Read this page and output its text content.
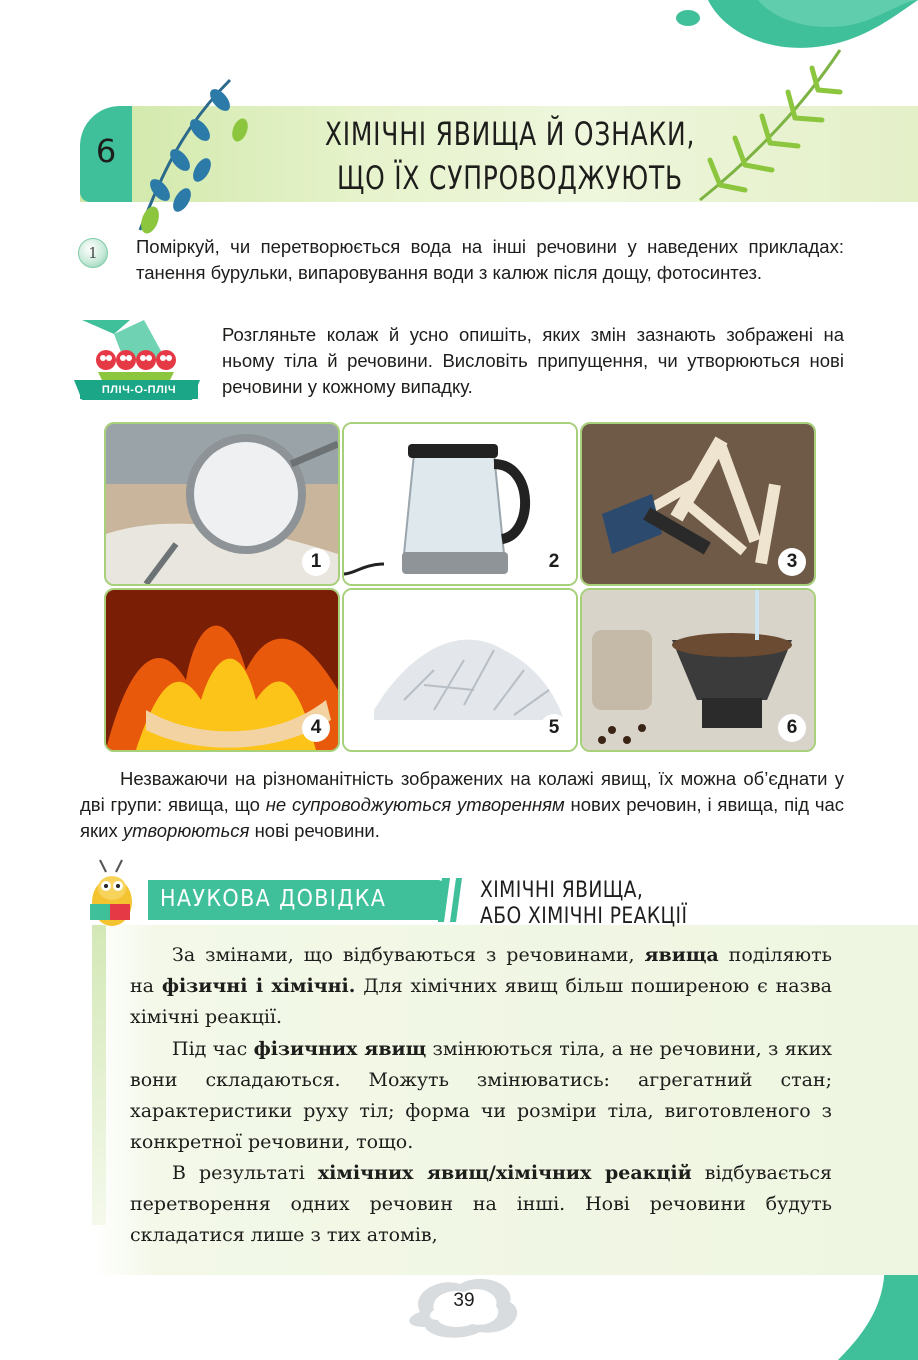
6	ХІМІЧНІ ЯВИЩА Й ОЗНАКИ,
ЩО ЇХ СУПРОВОДЖУЮТЬ
1	Поміркуй, чи перетворюється вода на інші речовини у наведених прикладах: танення бурульки, випаровування води з калюж після дощу, фотосинтез.
ПЛІЧ-О-ПЛІЧ
Розгляньте колаж й усно опишіть, яких змін зазнають зображені на ньому тіла й речовини. Висловіть припущення, чи утворюються нові речовини у кожному випадку.
1	2	3
4	5	6
Незважаючи на різноманітність зображених на колажі явищ, їх можна об’єднати у дві групи: явища, що не супроводжуються утворенням нових речовин, і явища, під час яких утворюються нові речовини.
НАУКОВА ДОВІДКА	ХІМІЧНІ ЯВИЩА,
АБО ХІМІЧНІ РЕАКЦІЇ
За змінами, що відбуваються з речовинами, явища поділяють на фізичні і хімічні. Для хімічних явищ більш поширеною є назва хімічні реакції.
Під час фізичних явищ змінюються тіла, а не речовини, з яких вони складаються. Можуть змінюватись: агрегатний стан; характеристики руху тіл; форма чи розміри тіла, виготовленого з конкретної речовини, тощо.
В результаті хімічних явищ/хімічних реакцій відбувається перетворення одних речовин на інші. Нові речовини будуть складатися лише з тих атомів,
39
